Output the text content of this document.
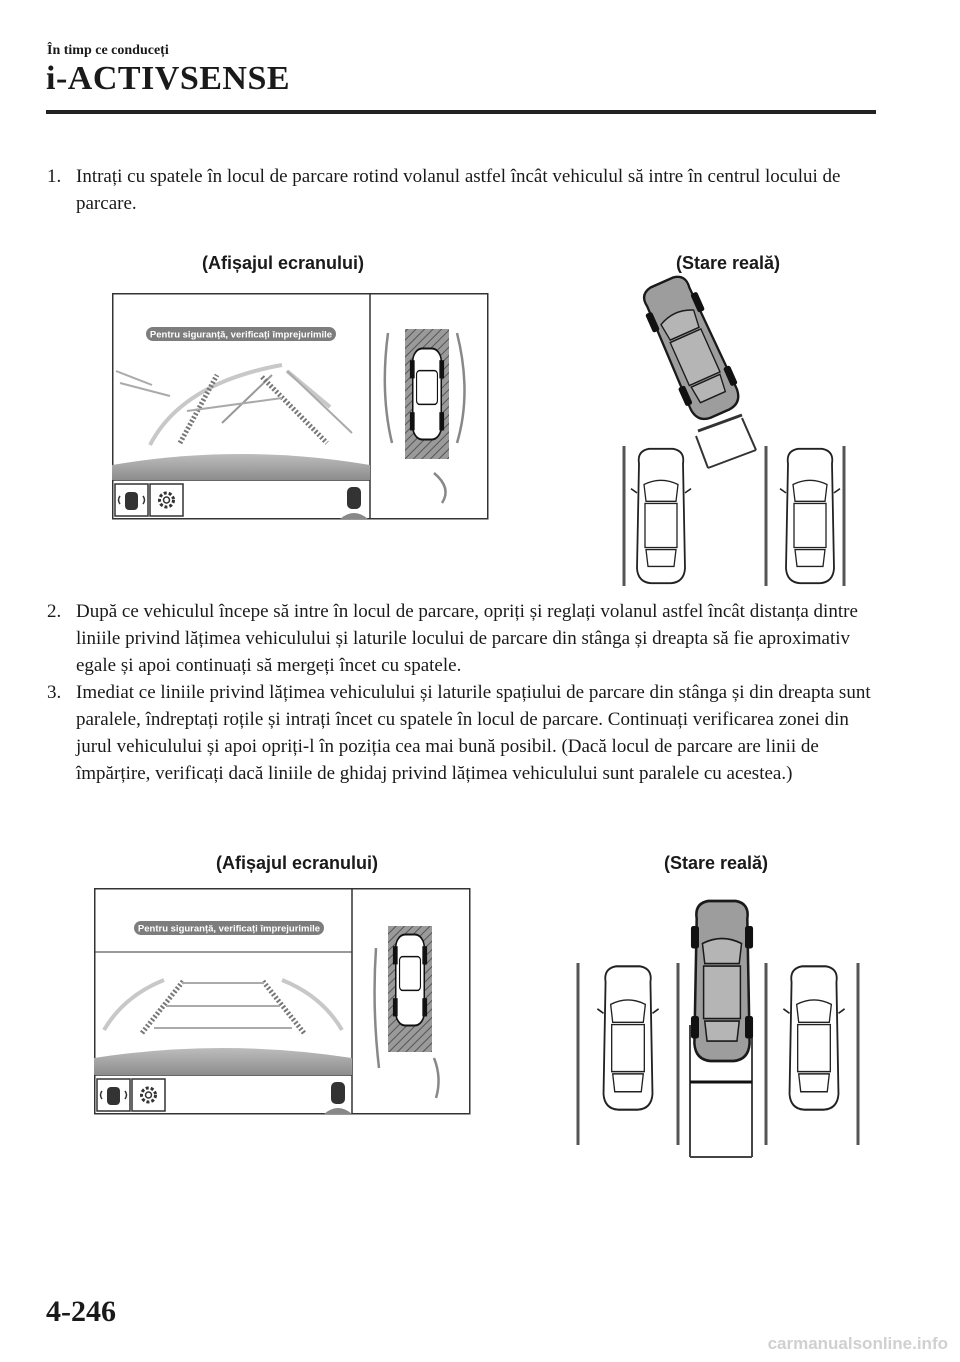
În timp ce conduceți
i-ACTIVSENSE
1. Intrați cu spatele în locul de parcare rotind volanul astfel încât vehiculul să intre în centrul locului de parcare.
(Afișajul ecranului)	(Stare reală)
Pentru siguranță, verificați împrejurimile
2. După ce vehiculul începe să intre în locul de parcare, opriți și reglați volanul astfel încât distanța dintre liniile privind lățimea vehiculului și laturile locului de parcare din stânga și dreapta să fie aproximativ egale și apoi continuați să mergeți încet cu spatele.
3. Imediat ce liniile privind lățimea vehiculului și laturile spațiului de parcare din stânga și din dreapta sunt paralele, îndreptați roțile și intrați încet cu spatele în locul de parcare. Continuați verificarea zonei din jurul vehiculului și apoi opriți-l în poziția cea mai bună posibil. (Dacă locul de parcare are linii de împărțire, verificați dacă liniile de ghidaj privind lățimea vehiculului sunt paralele cu acestea.)
(Afișajul ecranului)	(Stare reală)
Pentru siguranță, verificați împrejurimile
4-246
carmanualsonline.info
